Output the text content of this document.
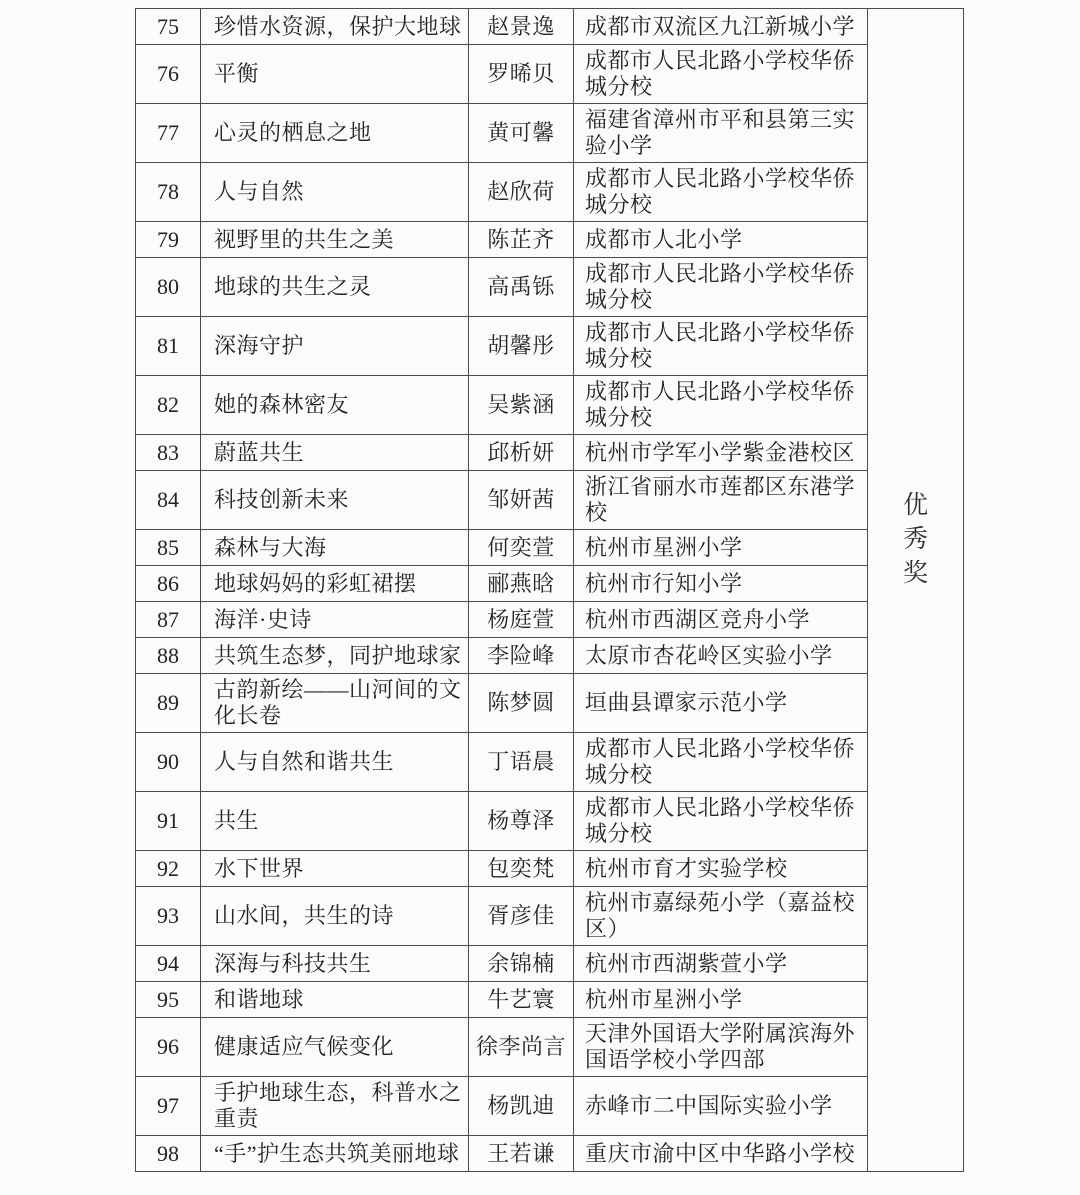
75	珍惜水资源，保护大地球	赵景逸	成都市双流区九江新城小学	优秀奖

76	平衡	罗晞贝	成都市人民北路小学校华侨城分校	
77	心灵的栖息之地	黄可馨	福建省漳州市平和县第三实验小学	
78	人与自然	赵欣荷	成都市人民北路小学校华侨城分校	
79	视野里的共生之美	陈芷齐	成都市人北小学	
80	地球的共生之灵	高禹铄	成都市人民北路小学校华侨城分校	
81	深海守护	胡馨彤	成都市人民北路小学校华侨城分校	
82	她的森林密友	吴紫涵	成都市人民北路小学校华侨城分校	
83	蔚蓝共生	邱析妍	杭州市学军小学紫金港校区	
84	科技创新未来	邹妍茜	浙江省丽水市莲都区东港学校	
85	森林与大海	何奕萱	杭州市星洲小学	
86	地球妈妈的彩虹裙摆	郦燕晗	杭州市行知小学	
87	海洋·史诗	杨庭萱	杭州市西湖区竞舟小学	
88	共筑生态梦，同护地球家	李险峰	太原市杏花岭区实验小学	
89	古韵新绘——山河间的文化长卷	陈梦圆	垣曲县谭家示范小学	
90	人与自然和谐共生	丁语晨	成都市人民北路小学校华侨城分校	
91	共生	杨尊泽	成都市人民北路小学校华侨城分校	
92	水下世界	包奕梵	杭州市育才实验学校	
93	山水间，共生的诗	胥彦佳	杭州市嘉绿苑小学（嘉益校区）	
94	深海与科技共生	余锦楠	杭州市西湖紫萱小学	
95	和谐地球	牛艺寰	杭州市星洲小学	
96	健康适应气候变化	徐李尚言	天津外国语大学附属滨海外国语学校小学四部	
97	手护地球生态，科普水之重责	杨凯迪	赤峰市二中国际实验小学	
98	“手”护生态共筑美丽地球	王若谦	重庆市渝中区中华路小学校	
